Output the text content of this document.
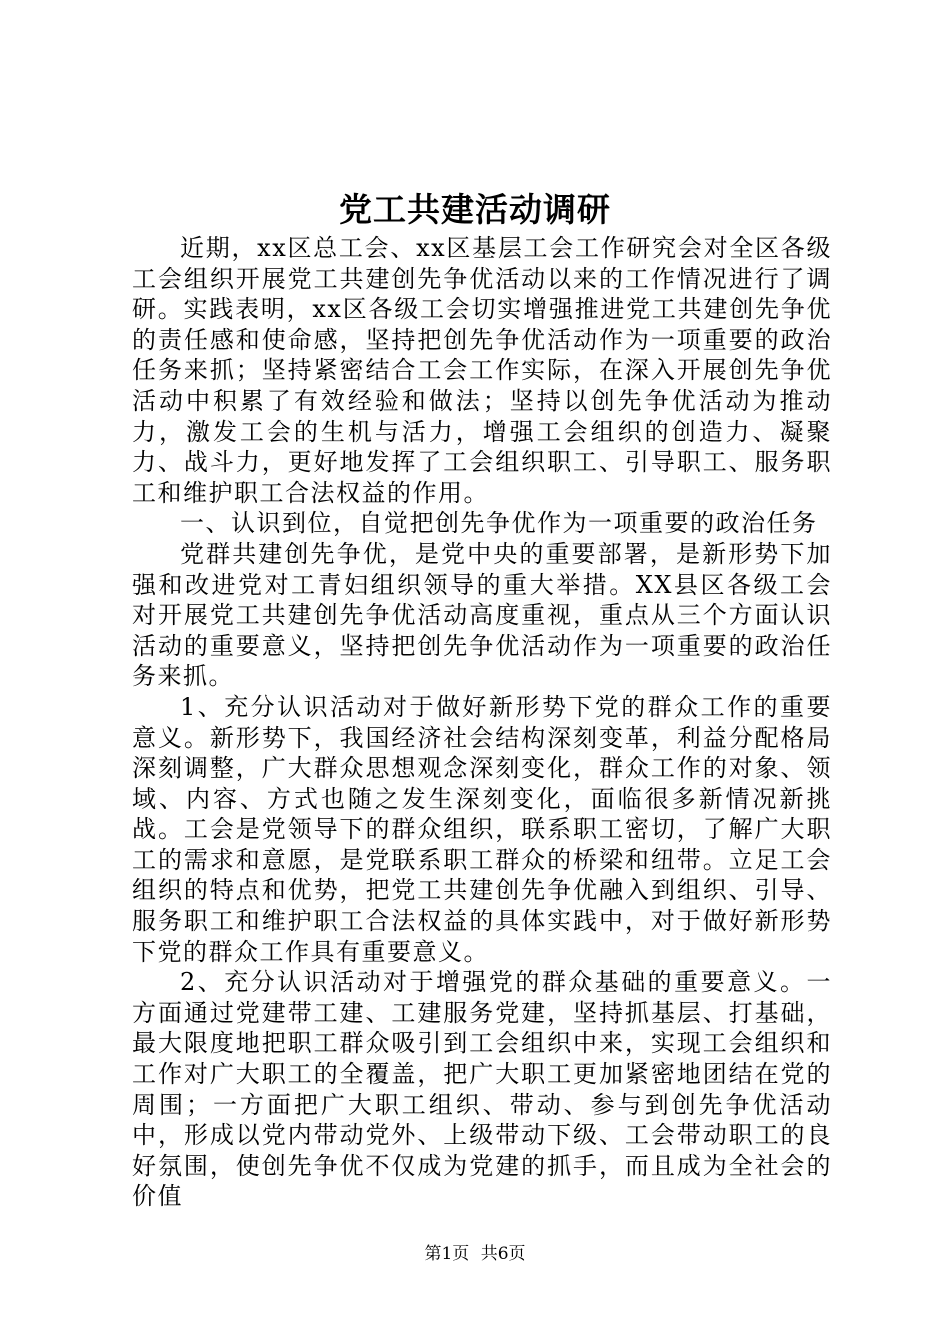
党工共建活动调研

近期，xx区总工会、xx区基层工会工作研究会对全区各级工会组织开展党工共建创先争优活动以来的工作情况进行了调研。实践表明，xx区各级工会切实增强推进党工共建创先争优的责任感和使命感，坚持把创先争优活动作为一项重要的政治任务来抓；坚持紧密结合工会工作实际，在深入开展创先争优活动中积累了有效经验和做法；坚持以创先争优活动为推动力，激发工会的生机与活力，增强工会组织的创造力、凝聚力、战斗力，更好地发挥了工会组织职工、引导职工、服务职工和维护职工合法权益的作用。

一、认识到位，自觉把创先争优作为一项重要的政治任务

党群共建创先争优，是党中央的重要部署，是新形势下加强和改进党对工青妇组织领导的重大举措。XX县区各级工会对开展党工共建创先争优活动高度重视，重点从三个方面认识活动的重要意义，坚持把创先争优活动作为一项重要的政治任务来抓。

1、充分认识活动对于做好新形势下党的群众工作的重要意义。新形势下，我国经济社会结构深刻变革，利益分配格局深刻调整，广大群众思想观念深刻变化，群众工作的对象、领域、内容、方式也随之发生深刻变化，面临很多新情况新挑战。工会是党领导下的群众组织，联系职工密切，了解广大职工的需求和意愿，是党联系职工群众的桥梁和纽带。立足工会组织的特点和优势，把党工共建创先争优融入到组织、引导、服务职工和维护职工合法权益的具体实践中，对于做好新形势下党的群众工作具有重要意义。

2、充分认识活动对于增强党的群众基础的重要意义。一方面通过党建带工建、工建服务党建，坚持抓基层、打基础，最大限度地把职工群众吸引到工会组织中来，实现工会组织和工作对广大职工的全覆盖，把广大职工更加紧密地团结在党的周围；一方面把广大职工组织、带动、参与到创先争优活动中，形成以党内带动党外、上级带动下级、工会带动职工的良好氛围，使创先争优不仅成为党建的抓手，而且成为全社会的价值

第1页 共6页
